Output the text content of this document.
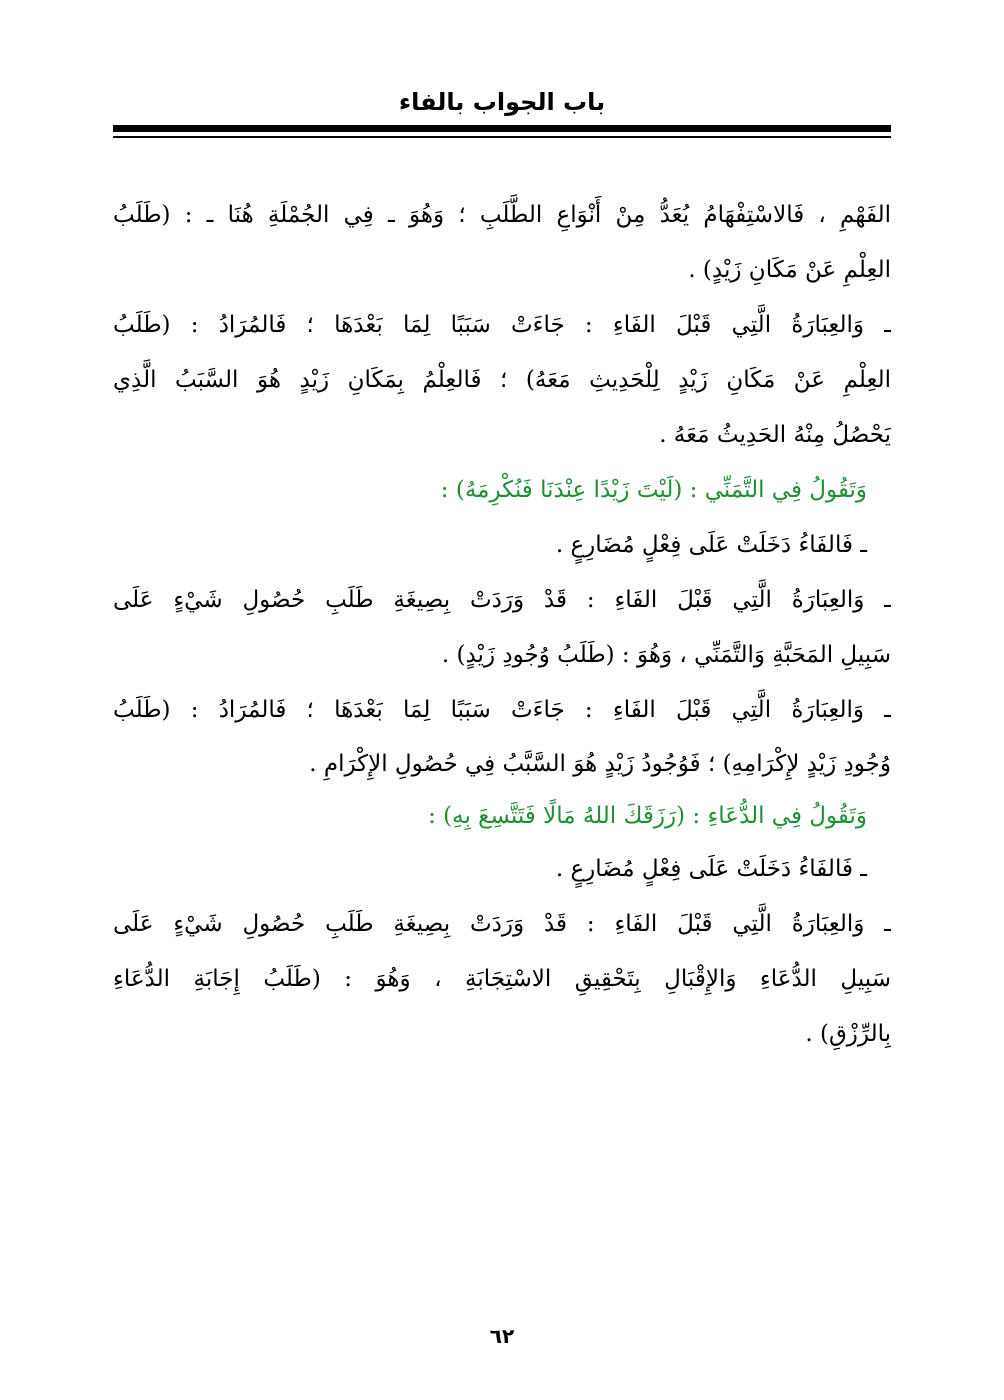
باب الجواب بالفاء
الفَهْمِ ، فَالاسْتِفْهَامُ يُعَدُّ مِنْ أَنْوَاعِ الطَّلَبِ ؛ وَهُوَ ـ فِي الجُمْلَةِ هُنَا ـ : (طَلَبُ
العِلْمِ عَنْ مَكَانِ زَيْدٍ) .
ـ وَالعِبَارَةُ الَّتِي قَبْلَ الفَاءِ : جَاءَتْ سَبَبًا لِمَا بَعْدَهَا ؛ فَالمُرَادُ : (طَلَبُ
العِلْمِ عَنْ مَكَانِ زَيْدٍ لِلْحَدِيثِ مَعَهُ) ؛ فَالعِلْمُ بِمَكَانِ زَيْدٍ هُوَ السَّبَبُ الَّذِي
يَحْصُلُ مِنْهُ الحَدِيثُ مَعَهُ .
وَتَقُولُ فِي التَّمَنِّي : (لَيْتَ زَيْدًا عِنْدَنَا فَنُكْرِمَهُ) :
ـ فَالفَاءُ دَخَلَتْ عَلَى فِعْلٍ مُضَارِعٍ .
ـ وَالعِبَارَةُ الَّتِي قَبْلَ الفَاءِ : قَدْ وَرَدَتْ بِصِيغَةِ طَلَبِ حُصُولِ شَيْءٍ عَلَى
سَبِيلِ المَحَبَّةِ وَالتَّمَنِّي ، وَهُوَ : (طَلَبُ وُجُودِ زَيْدٍ) .
ـ وَالعِبَارَةُ الَّتِي قَبْلَ الفَاءِ : جَاءَتْ سَبَبًا لِمَا بَعْدَهَا ؛ فَالمُرَادُ : (طَلَبُ
وُجُودِ زَيْدٍ لإِكْرَامِهِ) ؛ فَوُجُودُ زَيْدٍ هُوَ السَّبَّبُ فِي حُصُولِ الإِكْرَامِ .
وَتَقُولُ فِي الدُّعَاءِ : (رَزَقَكَ اللهُ مَالًا فَتَتَّسِعَ بِهِ) :
ـ فَالفَاءُ دَخَلَتْ عَلَى فِعْلٍ مُضَارِعٍ .
ـ وَالعِبَارَةُ الَّتِي قَبْلَ الفَاءِ : قَدْ وَرَدَتْ بِصِيغَةِ طَلَبِ حُصُولِ شَيْءٍ عَلَى
سَبِيلِ الدُّعَاءِ وَالإِقْبَالِ بِتَحْقِيقِ الاسْتِجَابَةِ ، وَهُوَ : (طَلَبُ إِجَابَةِ الدُّعَاءِ
بِالرِّزْقِ) .
٦٢
